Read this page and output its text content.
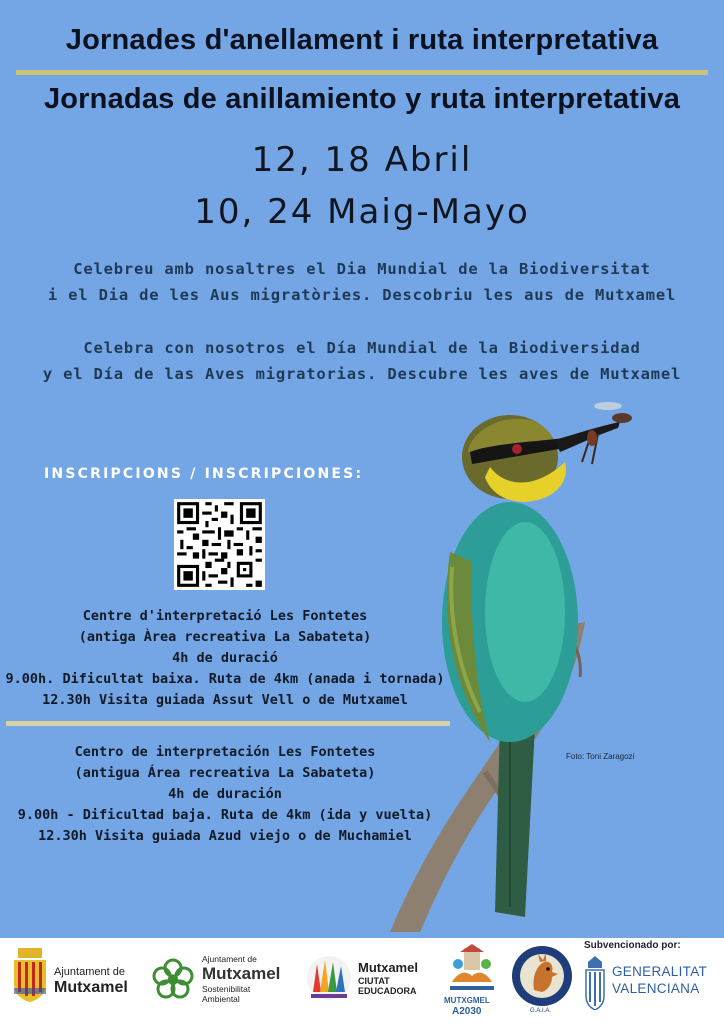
Jornades d'anellament i ruta interpretativa
Jornadas de anillamiento y ruta interpretativa
12, 18 Abril
10, 24 Maig-Mayo
Celebreu amb nosaltres el Dia Mundial de la Biodiversitat
i el Dia de les Aus migratòries. Descobriu les aus de Mutxamel
Celebra con nosotros el Día Mundial de la Biodiversidad
y el Día de las Aves migratorias. Descubre les aves de Mutxamel
INSCRIPCIONS / INSCRIPCIONES:
Centre d'interpretació Les Fontetes
(antiga Àrea recreativa La Sabateta)
4h de duració
9.00h. Dificultat baixa. Ruta de 4km (anada i tornada)
12.30h Visita guiada Assut Vell o de Mutxamel
Centro de interpretación Les Fontetes
(antigua Área recreativa La Sabateta)
4h de duración
9.00h - Dificultad baja. Ruta de 4km (ida y vuelta)
12.30h Visita guiada Azud viejo o de Muchamiel
Foto: Toni Zaragozí
Ajuntament de
Mutxamel
Ajuntament de
Mutxamel
Sostenibilitat
Ambiental
Mutxamel
CIUTAT
EDUCADORA
MUTXGMEL
A2030	G.A.I.A.
Subvencionado por:
GENERALITAT
VALENCIANA
